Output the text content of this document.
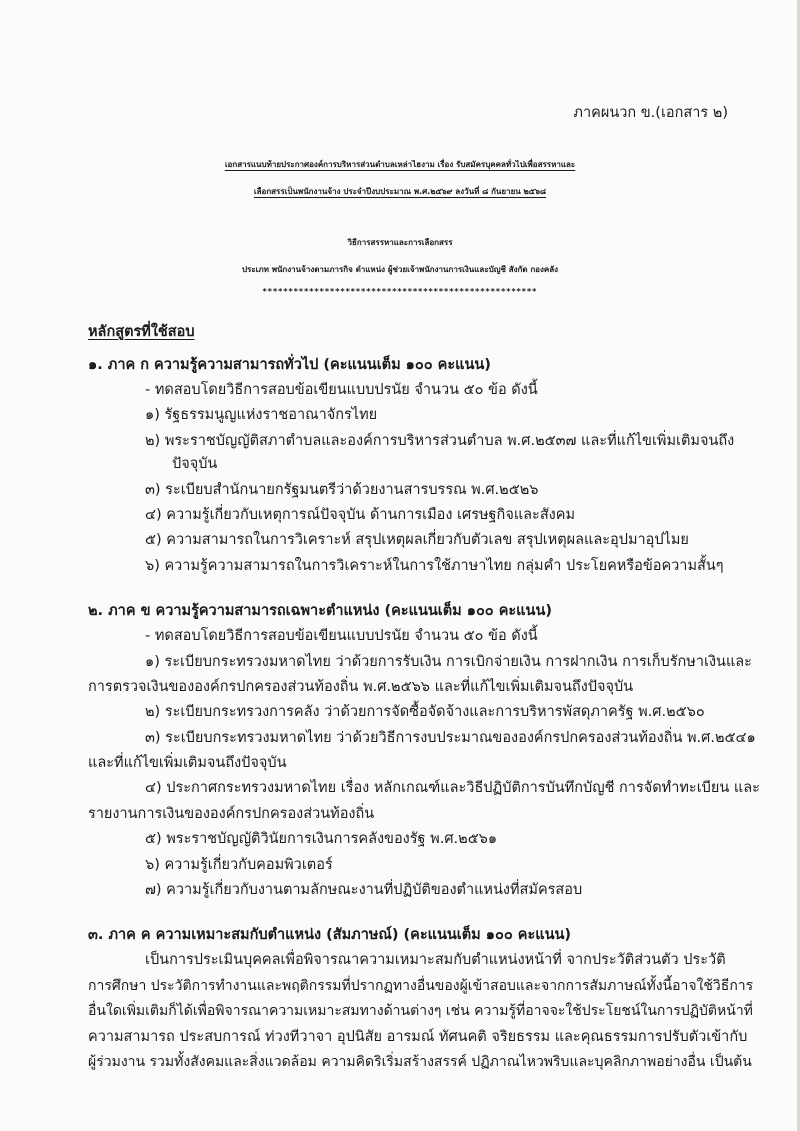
ภาคผนวก ข.(เอกสาร ๒)
เอกสารแนบท้ายประกาศองค์การบริหารส่วนตำบลเหล่าไฮงาม เรื่อง รับสมัครบุคคลทั่วไปเพื่อสรรหาและ
เลือกสรรเป็นพนักงานจ้าง ประจำปีงบประมาณ พ.ศ.๒๕๖๙ ลงวันที่ ๘ กันยายน ๒๕๖๘
วิธีการสรรหาและการเลือกสรร
ประเภท พนักงานจ้างตามภารกิจ ตำแหน่ง ผู้ช่วยเจ้าพนักงานการเงินและบัญชี สังกัด กองคลัง
*****************************************************
หลักสูตรที่ใช้สอบ
๑. ภาค ก ความรู้ความสามารถทั่วไป (คะแนนเต็ม ๑๐๐ คะแนน)
- ทดสอบโดยวิธีการสอบข้อเขียนแบบปรนัย จำนวน ๕๐ ข้อ ดังนี้
๑) รัฐธรรมนูญแห่งราชอาณาจักรไทย
๒) พระราชบัญญัติสภาตำบลและองค์การบริหารส่วนตำบล พ.ศ.๒๕๓๗ และที่แก้ไขเพิ่มเติมจนถึง
ปัจจุบัน
๓) ระเบียบสำนักนายกรัฐมนตรีว่าด้วยงานสารบรรณ พ.ศ.๒๕๒๖
๔) ความรู้เกี่ยวกับเหตุการณ์ปัจจุบัน ด้านการเมือง เศรษฐกิจและสังคม
๕) ความสามารถในการวิเคราะห์ สรุปเหตุผลเกี่ยวกับตัวเลข สรุปเหตุผลและอุปมาอุปไมย
๖) ความรู้ความสามารถในการวิเคราะห์ในการใช้ภาษาไทย กลุ่มคำ ประโยคหรือข้อความสั้นๆ
๒. ภาค ข ความรู้ความสามารถเฉพาะตำแหน่ง (คะแนนเต็ม ๑๐๐ คะแนน)
- ทดสอบโดยวิธีการสอบข้อเขียนแบบปรนัย จำนวน ๕๐ ข้อ ดังนี้
๑) ระเบียบกระทรวงมหาดไทย ว่าด้วยการรับเงิน การเบิกจ่ายเงิน การฝากเงิน การเก็บรักษาเงินและ
การตรวจเงินขององค์กรปกครองส่วนท้องถิ่น พ.ศ.๒๕๖๖ และที่แก้ไขเพิ่มเติมจนถึงปัจจุบัน
๒) ระเบียบกระทรวงการคลัง ว่าด้วยการจัดซื้อจัดจ้างและการบริหารพัสดุภาครัฐ พ.ศ.๒๕๖๐
๓) ระเบียบกระทรวงมหาดไทย ว่าด้วยวิธีการงบประมาณขององค์กรปกครองส่วนท้องถิ่น พ.ศ.๒๕๔๑
และที่แก้ไขเพิ่มเติมจนถึงปัจจุบัน
๔) ประกาศกระทรวงมหาดไทย เรื่อง หลักเกณฑ์และวิธีปฏิบัติการบันทึกบัญชี การจัดทำทะเบียน และ
รายงานการเงินขององค์กรปกครองส่วนท้องถิ่น
๕) พระราชบัญญัติวินัยการเงินการคลังของรัฐ พ.ศ.๒๕๖๑
๖) ความรู้เกี่ยวกับคอมพิวเตอร์
๗) ความรู้เกี่ยวกับงานตามลักษณะงานที่ปฏิบัติของตำแหน่งที่สมัครสอบ
๓. ภาค ค ความเหมาะสมกับตำแหน่ง (สัมภาษณ์) (คะแนนเต็ม ๑๐๐ คะแนน)
เป็นการประเมินบุคคลเพื่อพิจารณาความเหมาะสมกับตำแหน่งหน้าที่ จากประวัติส่วนตัว ประวัติ
การศึกษา ประวัติการทำงานและพฤติกรรมที่ปรากฏทางอื่นของผู้เข้าสอบและจากการสัมภาษณ์ทั้งนี้อาจใช้วิธีการ
อื่นใดเพิ่มเติมก็ได้เพื่อพิจารณาความเหมาะสมทางด้านต่างๆ เช่น ความรู้ที่อาจจะใช้ประโยชน์ในการปฏิบัติหน้าที่
ความสามารถ ประสบการณ์ ท่วงทีวาจา อุปนิสัย อารมณ์ ทัศนคติ จริยธรรม และคุณธรรมการปรับตัวเข้ากับ
ผู้ร่วมงาน รวมทั้งสังคมและสิ่งแวดล้อม ความคิดริเริ่มสร้างสรรค์ ปฏิภาณไหวพริบและบุคลิกภาพอย่างอื่น เป็นต้น
